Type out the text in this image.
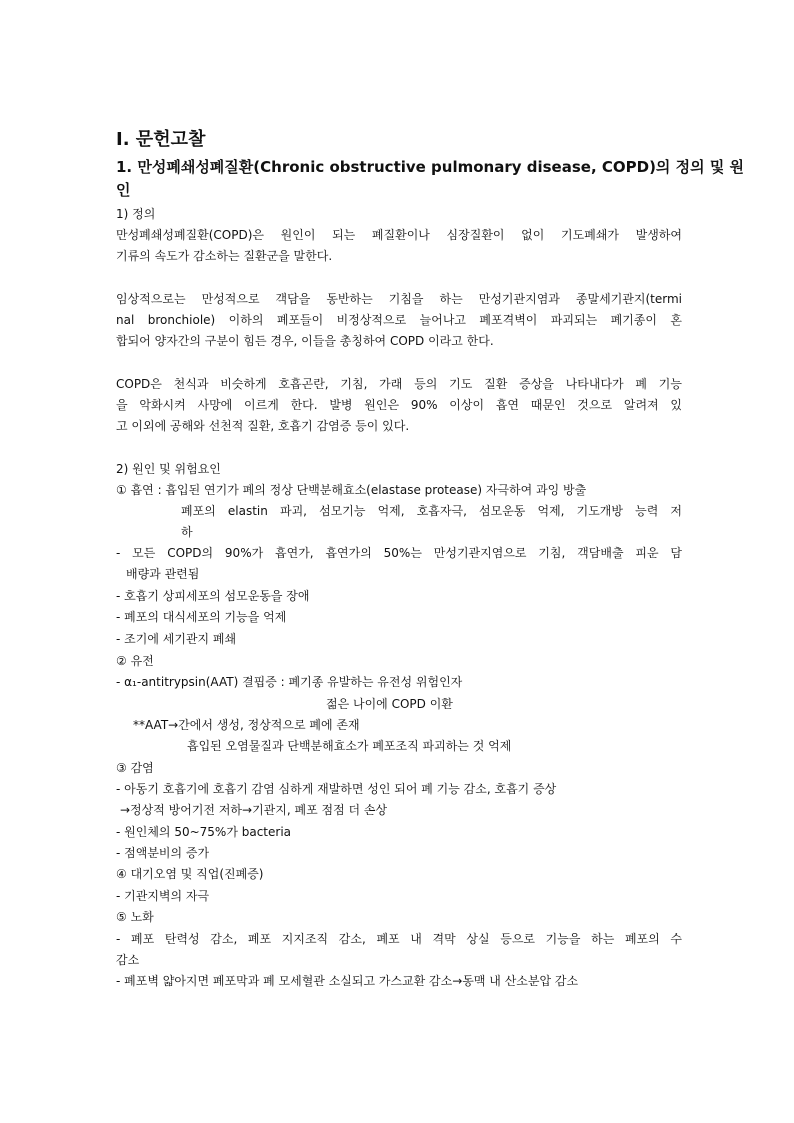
Ⅰ. 문헌고찰
1. 만성폐쇄성폐질환(Chronic obstructive pulmonary disease, COPD)의 정의 및 원
인
1) 정의
만성폐쇄성폐질환(COPD)은 원인이 되는 폐질환이나 심장질환이 없이 기도폐쇄가 발생하여
기류의 속도가 감소하는 질환군을 말한다.
임상적으로는 만성적으로 객담을 동반하는 기침을 하는 만성기관지염과 종말세기관지(termi
nal bronchiole) 이하의 폐포들이 비정상적으로 늘어나고 폐포격벽이 파괴되는 폐기종이 혼
합되어 양자간의 구분이 힘든 경우, 이들을 총칭하여 COPD 이라고 한다.
COPD은 천식과 비슷하게 호흡곤란, 기침, 가래 등의 기도 질환 증상을 나타내다가 폐 기능
을 악화시켜 사망에 이르게 한다. 발병 원인은 90% 이상이 흡연 때문인 것으로 알려져 있
고 이외에 공해와 선천적 질환, 호흡기 감염증 등이 있다.
2) 원인 및 위험요인
① 흡연 : 흡입된 연기가 폐의 정상 단백분해효소(elastase protease) 자극하여 과잉 방출
폐포의 elastin 파괴, 섬모기능 억제, 호흡자극, 섬모운동 억제, 기도개방 능력 저
하
- 모든 COPD의 90%가 흡연가, 흡연가의 50%는 만성기관지염으로 기침, 객담배출 피운 담
배량과 관련됨
- 호흡기 상피세포의 섬모운동을 장애
- 폐포의 대식세포의 기능을 억제
- 조기에 세기관지 폐쇄
② 유전
- α₁-antitrypsin(AAT) 결핍증 : 폐기종 유발하는 유전성 위험인자
젊은 나이에 COPD 이환
**AAT→간에서 생성, 정상적으로 폐에 존재
흡입된 오염물질과 단백분해효소가 폐포조직 파괴하는 것 억제
③ 감염
- 아동기 호흡기에 호흡기 감염 심하게 재발하면 성인 되어 폐 기능 감소, 호흡기 증상
→정상적 방어기전 저하→기관지, 폐포 점점 더 손상
- 원인체의 50~75%가 bacteria
- 점액분비의 증가
④ 대기오염 및 직업(진폐증)
- 기관지벽의 자극
⑤ 노화
- 폐포 탄력성 감소, 폐포 지지조직 감소, 폐포 내 격막 상실 등으로 기능을 하는 폐포의 수
감소
- 폐포벽 얇아지면 폐포막과 폐 모세혈관 소실되고 가스교환 감소→동맥 내 산소분압 감소
